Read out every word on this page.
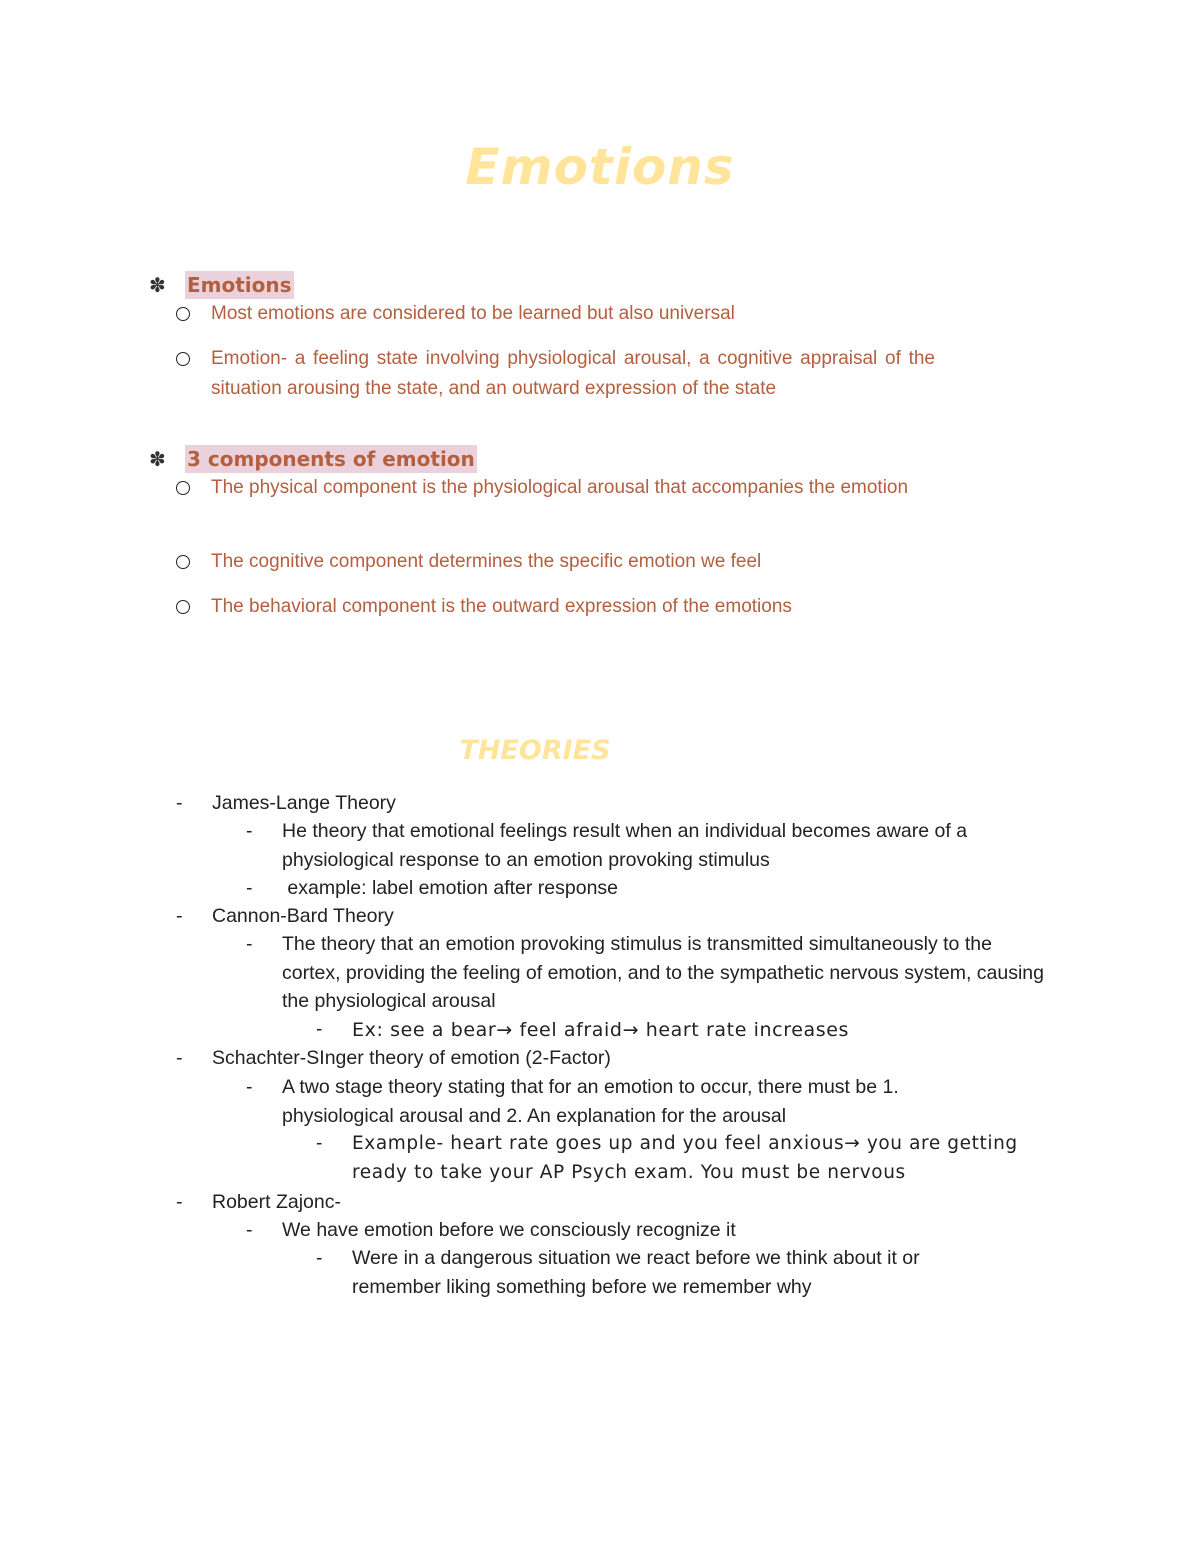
Emotions
✽ Emotions
Most emotions are considered to be learned but also universal
Emotion- a feeling state involving physiological arousal, a cognitive appraisal of the situation arousing the state, and an outward expression of the state
✽ 3 components of emotion
The physical component is the physiological arousal that accompanies the emotion
The cognitive component determines the specific emotion we feel
The behavioral component is the outward expression of the emotions
THEORIES
-	James-Lange Theory
-	He theory that emotional feelings result when an individual becomes aware of a physiological response to an emotion provoking stimulus
-	example: label emotion after response
-	Cannon-Bard Theory
-	The theory that an emotion provoking stimulus is transmitted simultaneously to the cortex, providing the feeling of emotion, and to the sympathetic nervous system, causing the physiological arousal
-	Ex: see a bear→ feel afraid→ heart rate increases
-	Schachter-SInger theory of emotion (2-Factor)
-	A two stage theory stating that for an emotion to occur, there must be 1. physiological arousal and 2. An explanation for the arousal
-	Example- heart rate goes up and you feel anxious→ you are getting ready to take your AP Psych exam. You must be nervous
-	Robert Zajonc-
-	We have emotion before we consciously recognize it
-	Were in a dangerous situation we react before we think about it or remember liking something before we remember why
